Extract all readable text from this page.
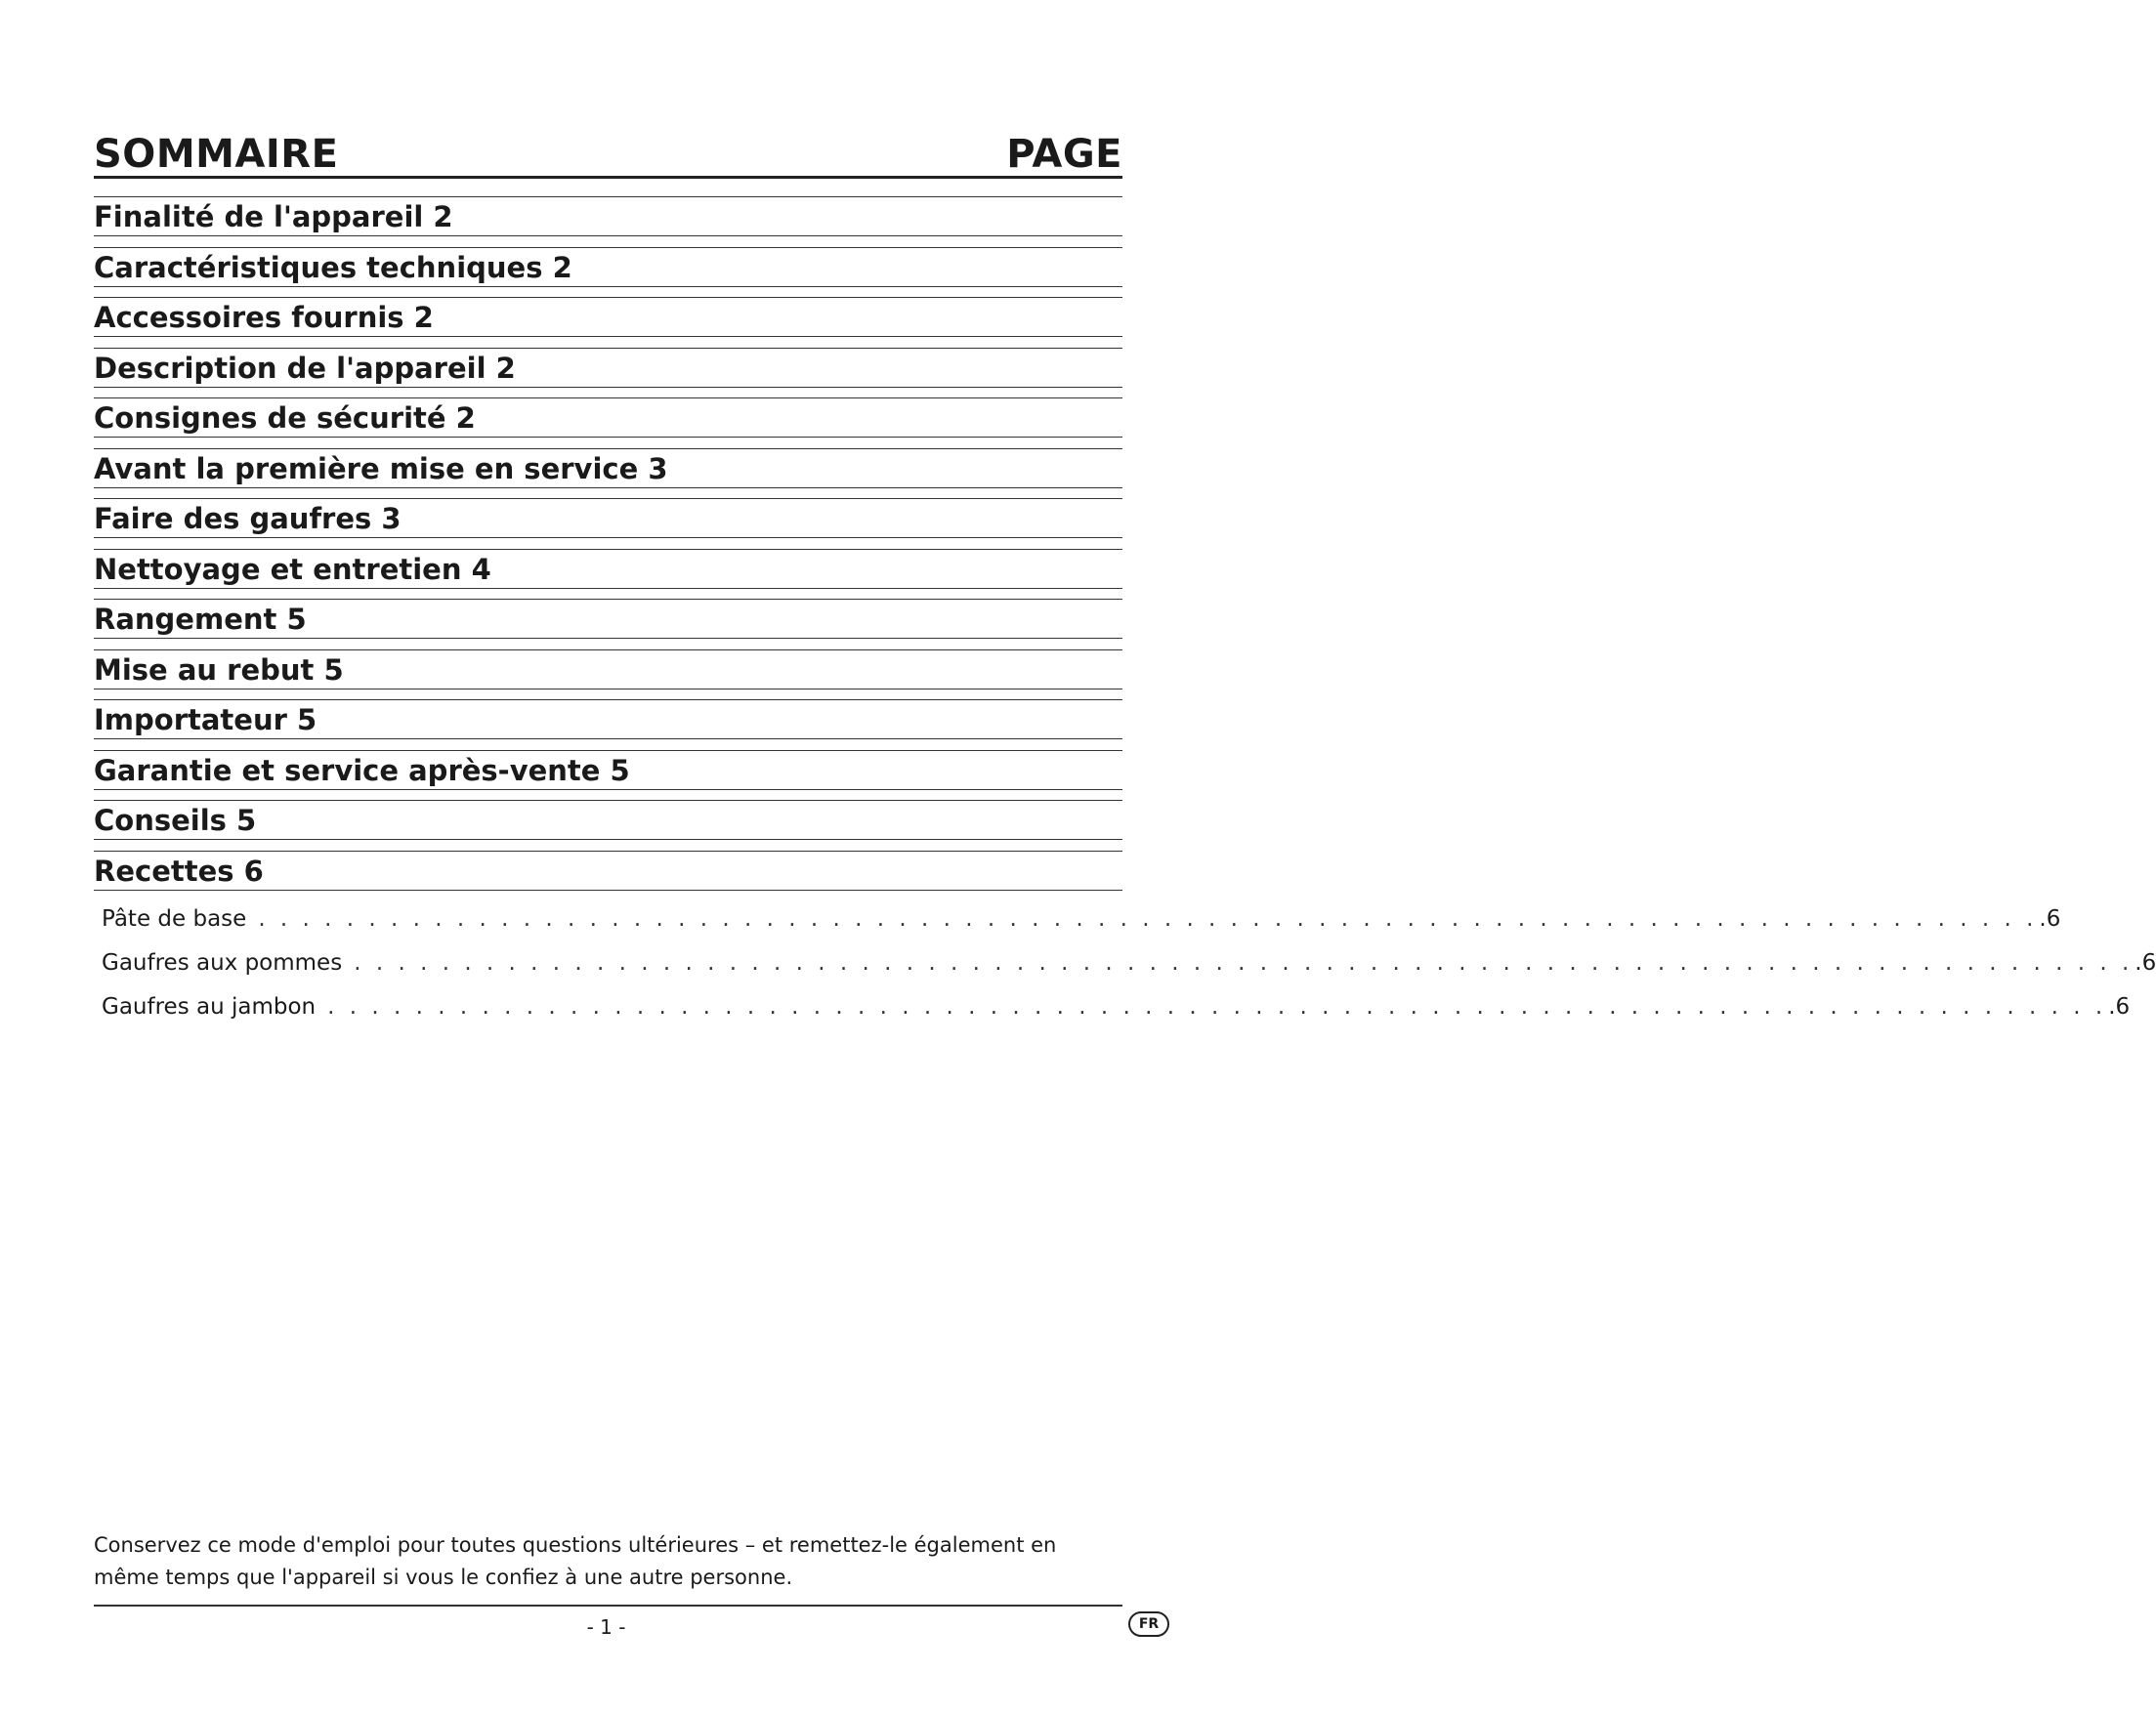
SOMMAIRE	PAGE
Finalité de l'appareil 2
Caractéristiques techniques 2
Accessoires fournis 2
Description de l'appareil 2
Consignes de sécurité 2
Avant la première mise en service 3
Faire des gaufres 3
Nettoyage et entretien 4
Rangement 5
Mise au rebut 5
Importateur 5
Garantie et service après-vente 5
Conseils 5
Recettes 6
Pâte de base . . . . . . . . . . . . . . . . . . . . . . . . . . . . . . . . . . . . . . . . . . . . . . . . . . . . . . . . . . . . . . . . . . . . . . . . . . . . . . . . . .6
Gaufres aux pommes . . . . . . . . . . . . . . . . . . . . . . . . . . . . . . . . . . . . . . . . . . . . . . . . . . . . . . . . . . . . . . . . . . . . . . . . . . . . . . . . . .6
Gaufres au jambon . . . . . . . . . . . . . . . . . . . . . . . . . . . . . . . . . . . . . . . . . . . . . . . . . . . . . . . . . . . . . . . . . . . . . . . . . . . . . . . . . .6
Conservez ce mode d'emploi pour toutes questions ultérieures – et remettez-le également en même temps que l'appareil si vous le confiez à une autre personne.
- 1 -	FR
